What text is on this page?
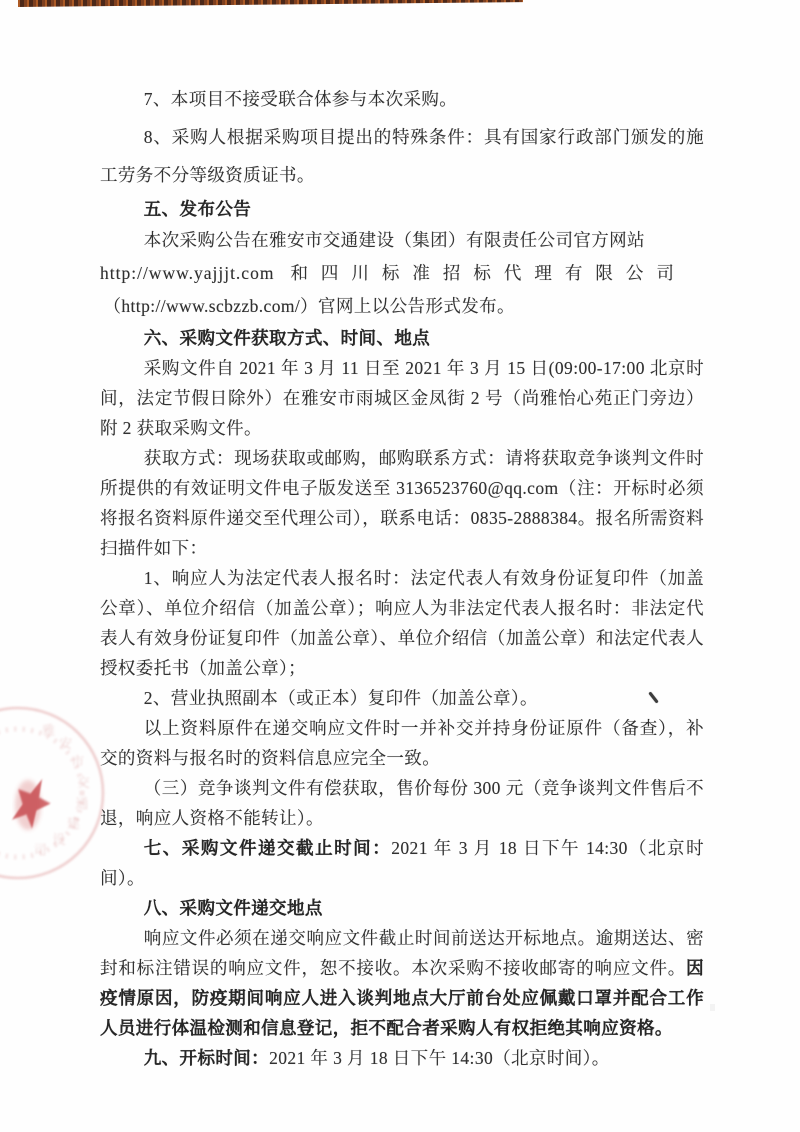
雅
安
市
交
通
建
设
司

7、本项目不接受联合体参与本次采购。

8、采购人根据采购项目提出的特殊条件：具有国家行政部门颁发的施工劳务不分等级资质证书。

五、发布公告

本次采购公告在雅安市交通建设（集团）有限责任公司官方网站

http://www.yajjjt.com 和四川标准招标代理有限公司

（http://www.scbzzb.com/）官网上以公告形式发布。

六、采购文件获取方式、时间、地点

采购文件自 2021 年 3 月 11 日至 2021 年 3 月 15 日(09:00-17:00 北京时间，法定节假日除外）在雅安市雨城区金凤街 2 号（尚雅怡心苑正门旁边）附 2 获取采购文件。

获取方式：现场获取或邮购，邮购联系方式：请将获取竞争谈判文件时所提供的有效证明文件电子版发送至 3136523760@qq.com（注：开标时必须将报名资料原件递交至代理公司），联系电话：0835-2888384。报名所需资料扫描件如下：

1、响应人为法定代表人报名时：法定代表人有效身份证复印件（加盖公章）、单位介绍信（加盖公章）；响应人为非法定代表人报名时：非法定代表人有效身份证复印件（加盖公章）、单位介绍信（加盖公章）和法定代表人授权委托书（加盖公章）；

2、营业执照副本（或正本）复印件（加盖公章）。

以上资料原件在递交响应文件时一并补交并持身份证原件（备查），补交的资料与报名时的资料信息应完全一致。

（三）竞争谈判文件有偿获取，售价每份 300 元（竞争谈判文件售后不退，响应人资格不能转让）。

七、采购文件递交截止时间：2021 年 3 月 18 日下午 14:30（北京时间）。

八、采购文件递交地点

响应文件必须在递交响应文件截止时间前送达开标地点。逾期送达、密封和标注错误的响应文件，恕不接收。本次采购不接收邮寄的响应文件。因疫情原因，防疫期间响应人进入谈判地点大厅前台处应佩戴口罩并配合工作人员进行体温检测和信息登记，拒不配合者采购人有权拒绝其响应资格。

九、开标时间：2021 年 3 月 18 日下午 14:30（北京时间）。
